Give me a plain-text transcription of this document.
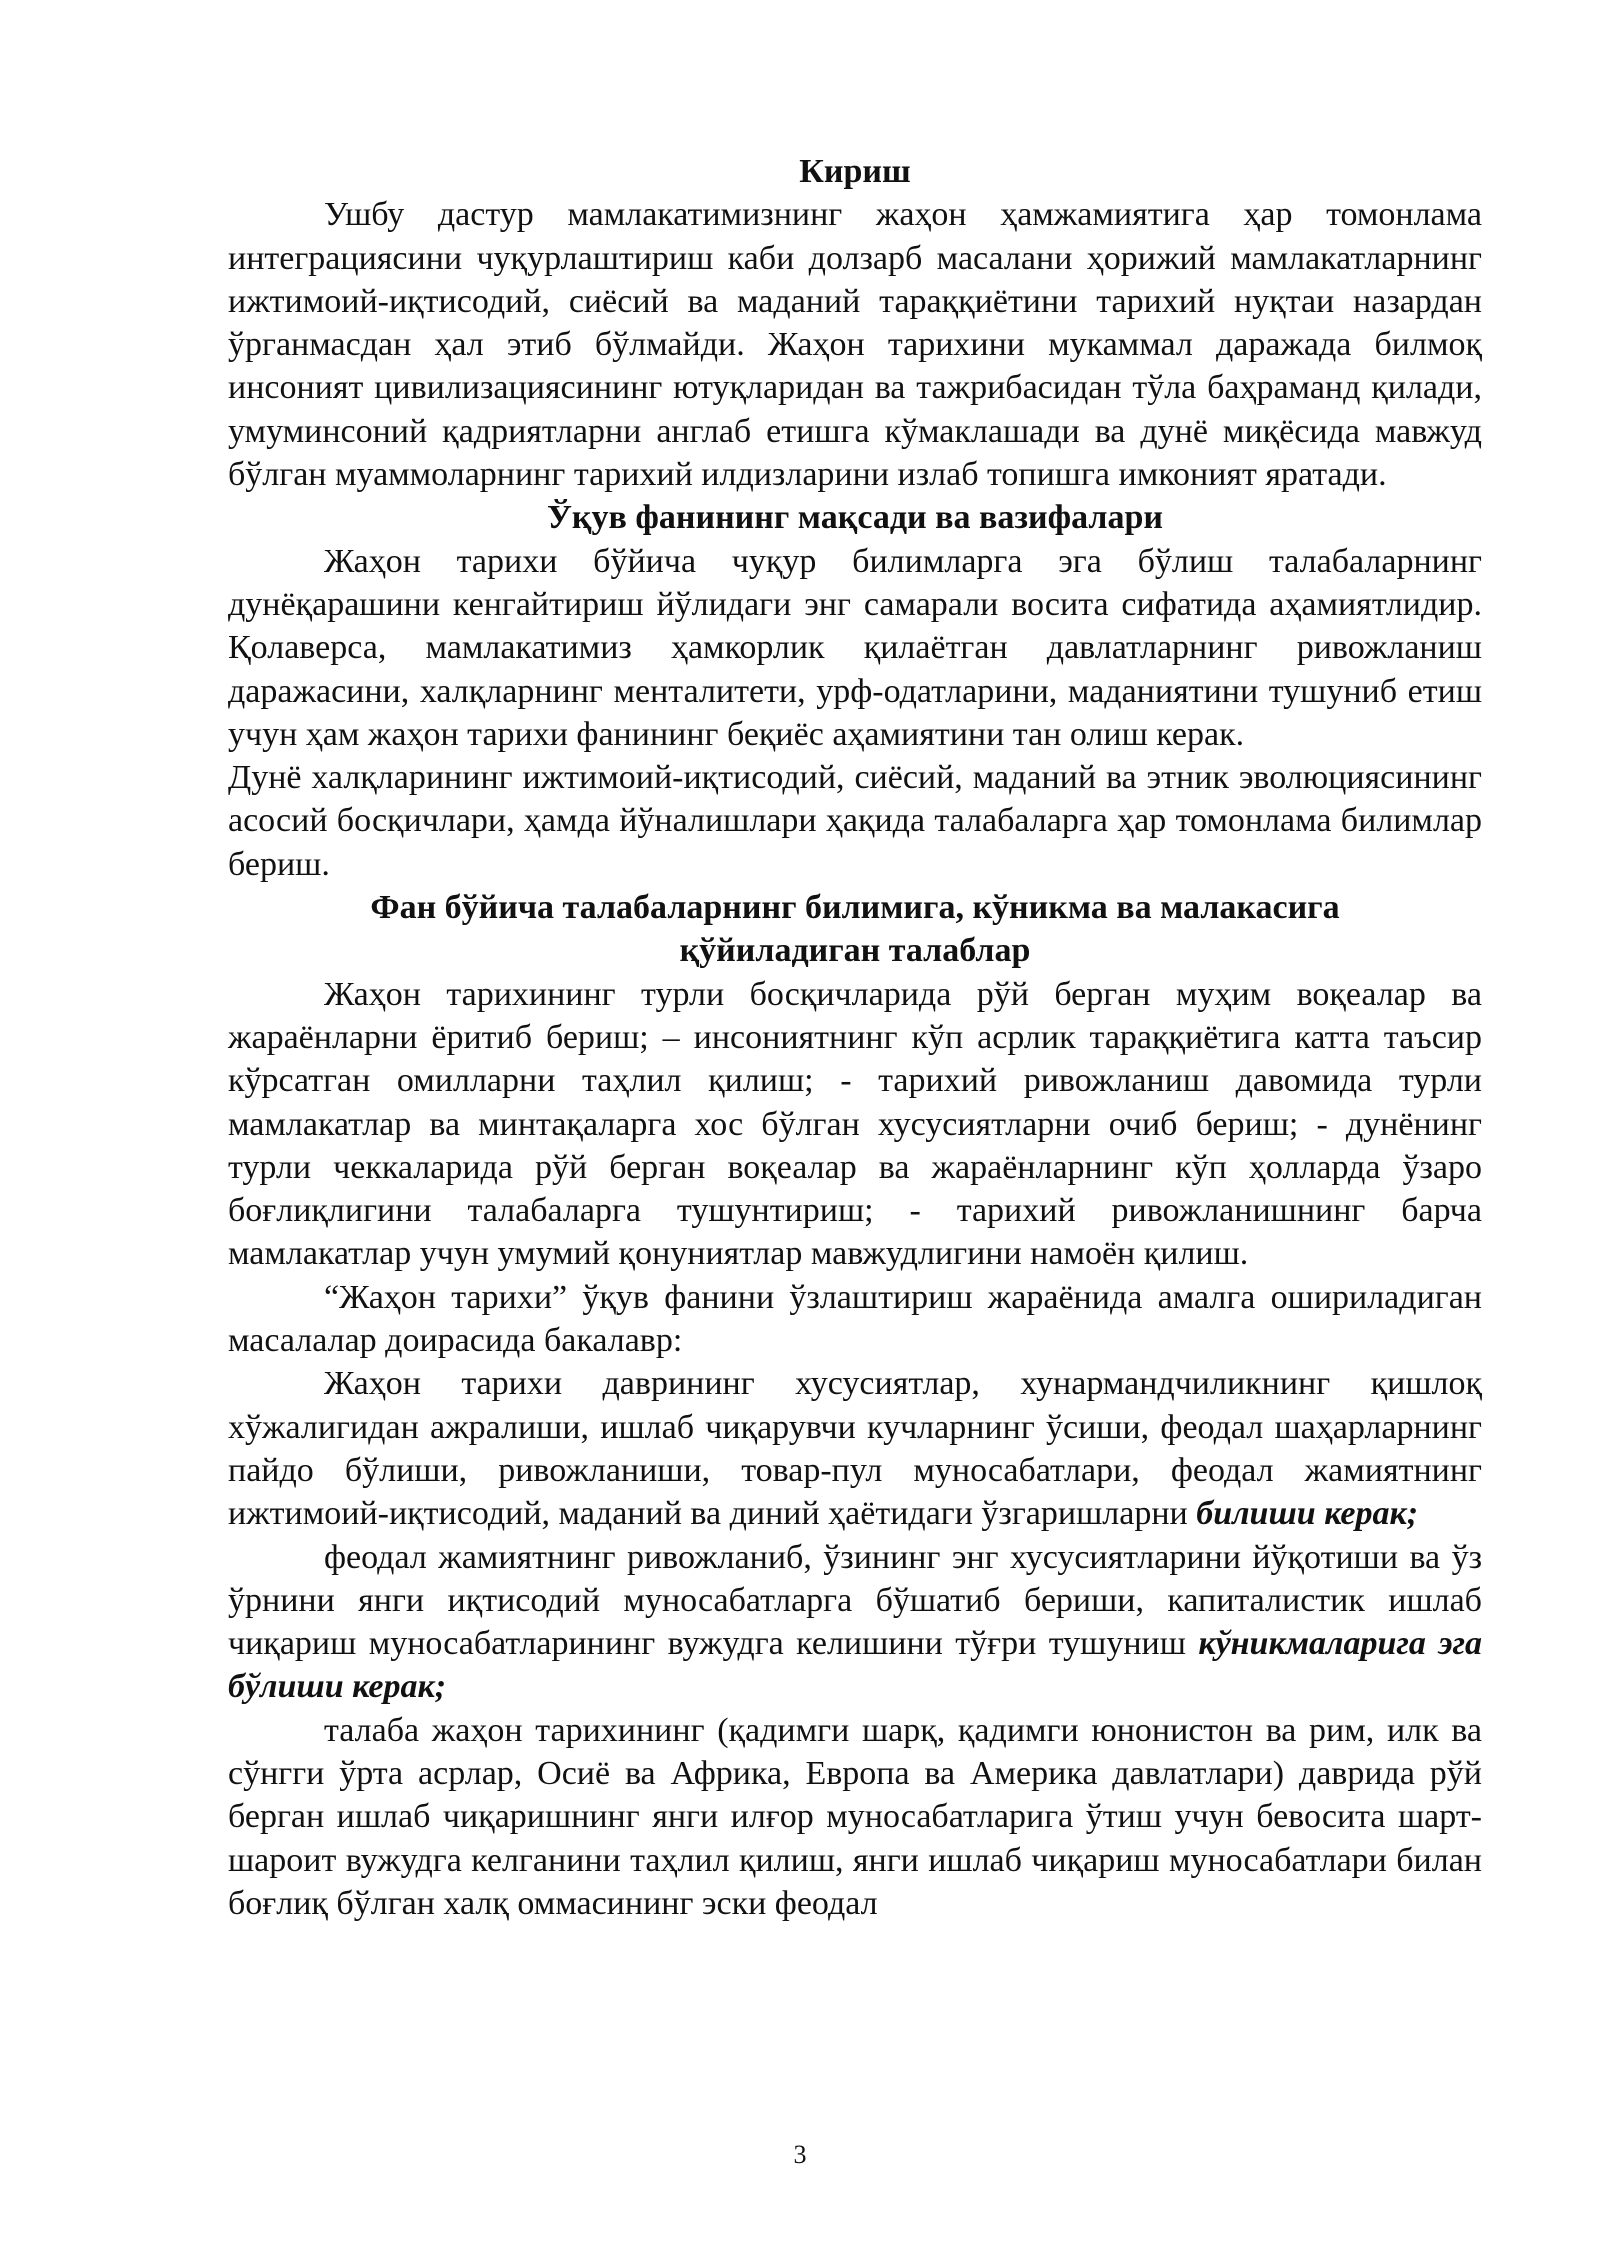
Кириш

Ушбу дастур мамлакатимизнинг жаҳон ҳамжамиятига ҳар томонлама интеграциясини чуқурлаштириш каби долзарб масалани ҳорижий мамлакатларнинг ижтимоий-иқтисодий, сиёсий ва маданий тараққиётини тарихий нуқтаи назардан ўрганмасдан ҳал этиб бўлмайди. Жаҳон тарихини мукаммал даражада билмоқ инсоният цивилизациясининг ютуқларидан ва тажрибасидан тўла баҳраманд қилади, умуминсоний қадриятларни англаб етишга кўмаклашади ва дунё миқёсида мавжуд бўлган муаммоларнинг тарихий илдизларини излаб топишга имконият яратади.

Ўқув фанининг мақсади ва вазифалари

Жаҳон тарихи бўйича чуқур билимларга эга бўлиш талабаларнинг дунёқарашини кенгайтириш йўлидаги энг самарали восита сифатида аҳамиятлидир. Қолаверса, мамлакатимиз ҳамкорлик қилаётган давлатларнинг ривожланиш даражасини, халқларнинг менталитети, урф-одатларини, маданиятини тушуниб етиш учун ҳам жаҳон тарихи фанининг беқиёс аҳамиятини тан олиш керак.

Дунё халқларининг ижтимоий-иқтисодий, сиёсий, маданий ва этник эволюциясининг асосий босқичлари, ҳамда йўналишлари ҳақида талабаларга ҳар томонлама билимлар бериш.

Фан бўйича талабаларнинг билимига, кўникма ва малакасига

қўйиладиган талаблар

Жаҳон тарихининг турли босқичларида рўй берган муҳим воқеалар ва жараёнларни ёритиб бериш; – инсониятнинг кўп асрлик тараққиётига катта таъсир кўрсатган омилларни таҳлил қилиш; - тарихий ривожланиш давомида турли мамлакатлар ва минтақаларга хос бўлган хусусиятларни очиб бериш; - дунёнинг турли чеккаларида рўй берган воқеалар ва жараёнларнинг кўп ҳолларда ўзаро боғлиқлигини талабаларга тушунтириш; - тарихий ривожланишнинг барча мамлакатлар учун умумий қонуниятлар мавжудлигини намоён қилиш.

“Жаҳон тарихи” ўқув фанини ўзлаштириш жараёнида амалга ошириладиган масалалар доирасида бакалавр:

Жаҳон тарихи даврининг хусусиятлар, хунармандчиликнинг қишлоқ хўжалигидан ажралиши, ишлаб чиқарувчи кучларнинг ўсиши, феодал шаҳарларнинг пайдо бўлиши, ривожланиши, товар-пул муносабатлари, феодал жамиятнинг ижтимоий-иқтисодий, маданий ва диний ҳаётидаги ўзгаришларни билиши керак;

феодал жамиятнинг ривожланиб, ўзининг энг хусусиятларини йўқотиши ва ўз ўрнини янги иқтисодий муносабатларга бўшатиб бериши, капиталистик ишлаб чиқариш муносабатларининг вужудга келишини тўғри тушуниш кўникмаларига эга бўлиши керак;

талаба жаҳон тарихининг (қадимги шарқ, қадимги юнонистон ва рим, илк ва сўнгги ўрта асрлар, Осиё ва Африка, Европа ва Америка давлатлари) даврида рўй берган ишлаб чиқаришнинг янги илғор муносабатларига ўтиш учун бевосита шарт-шароит вужудга келганини таҳлил қилиш, янги ишлаб чиқариш муносабатлари билан боғлиқ бўлган халқ оммасининг эски феодал

3
